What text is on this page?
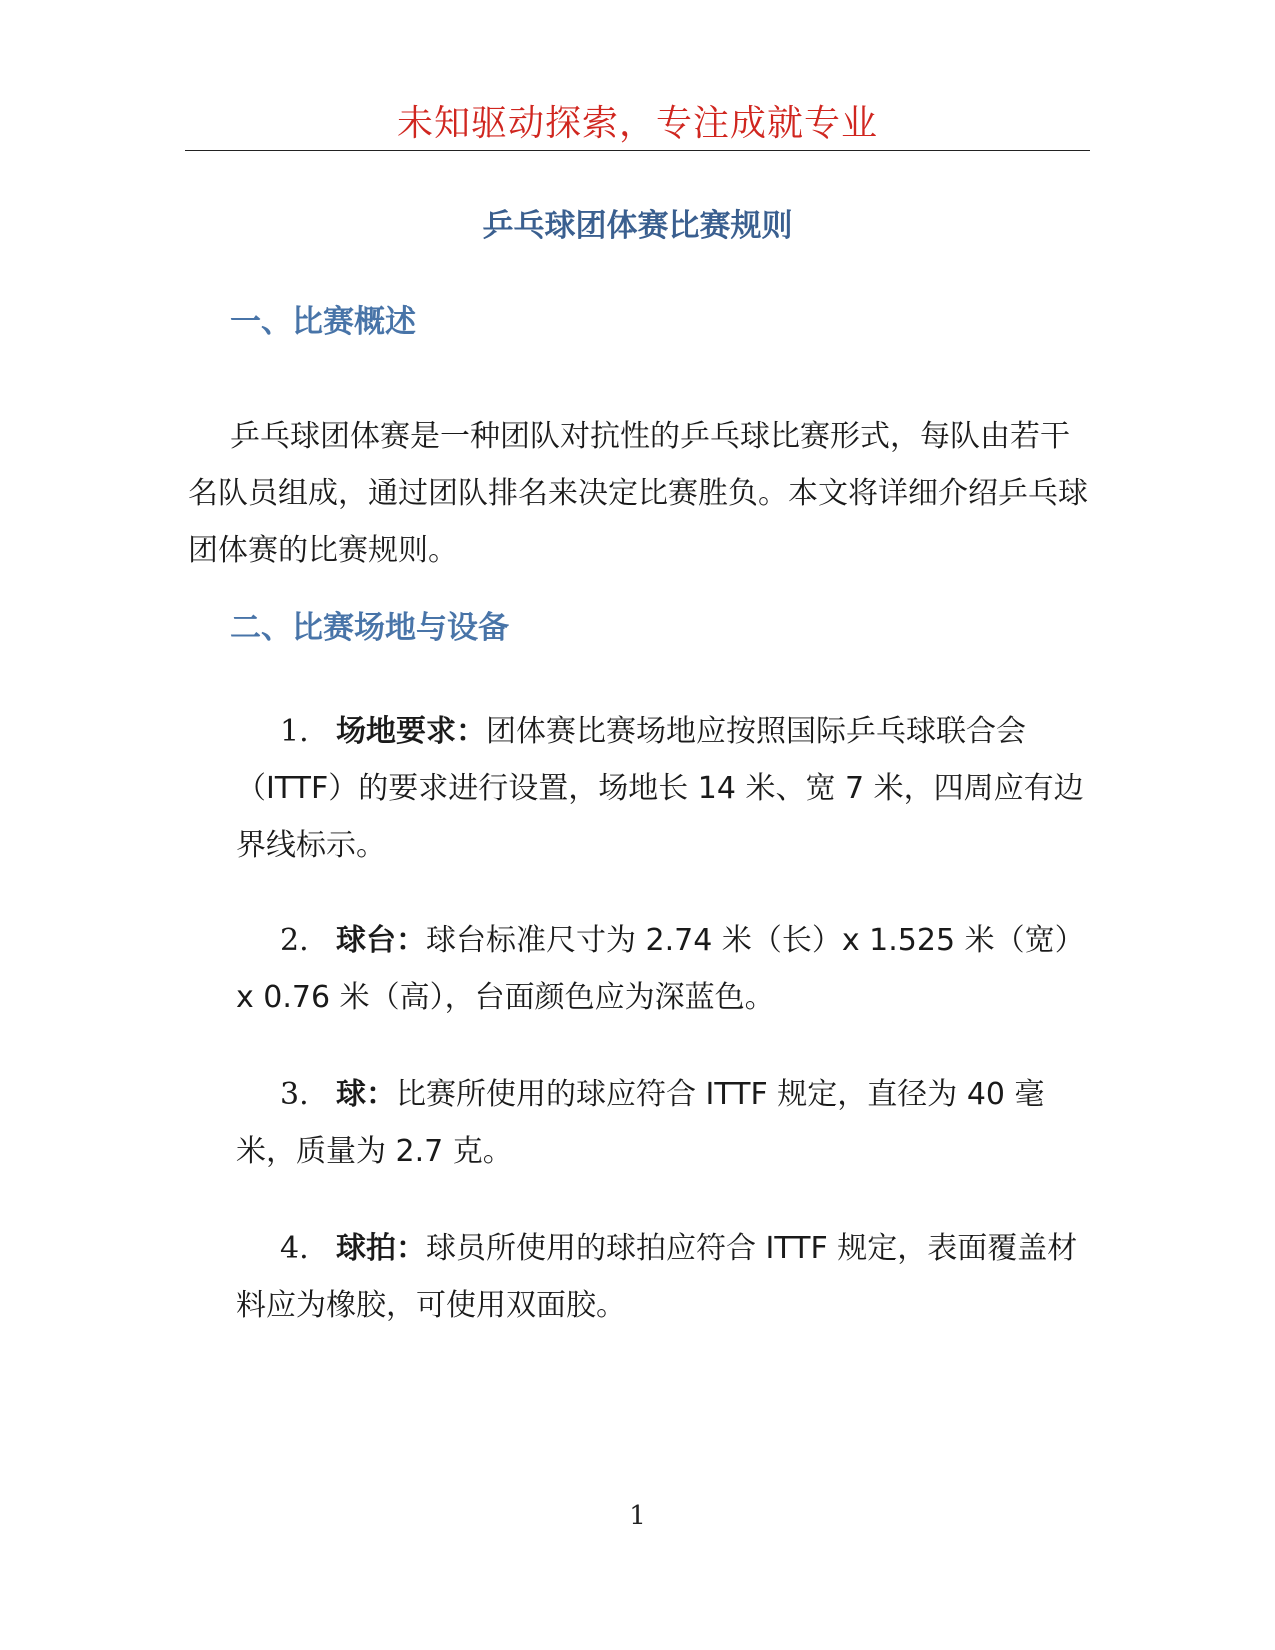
未知驱动探索，专注成就专业
乒乓球团体赛比赛规则
一、比赛概述
乒乓球团体赛是一种团队对抗性的乒乓球比赛形式，每队由若干名队员组成，通过团队排名来决定比赛胜负。本文将详细介绍乒乓球团体赛的比赛规则。
二、比赛场地与设备
1. 场地要求：团体赛比赛场地应按照国际乒乓球联合会（ITTF）的要求进行设置，场地长 14 米、宽 7 米，四周应有边界线标示。
2. 球台：球台标准尺寸为 2.74 米（长）x 1.525 米（宽）x 0.76 米（高），台面颜色应为深蓝色。
3. 球：比赛所使用的球应符合 ITTF 规定，直径为 40 毫米，质量为 2.7 克。
4. 球拍：球员所使用的球拍应符合 ITTF 规定，表面覆盖材料应为橡胶，可使用双面胶。
1
